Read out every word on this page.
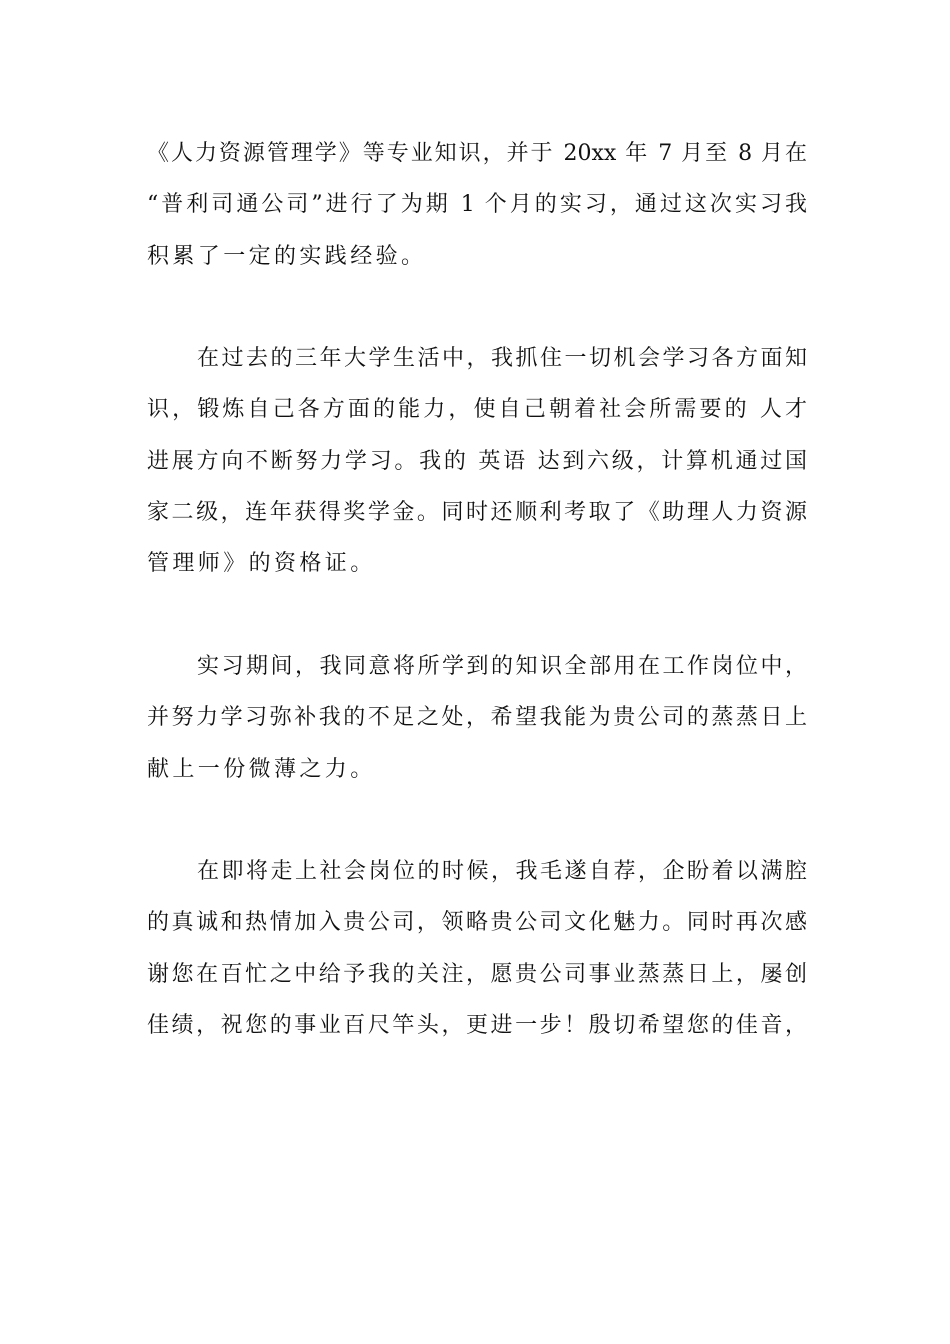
《人力资源管理学》等专业知识，并于 20xx 年 7 月至 8 月在
“普利司通公司”进行了为期 1 个月的实习，通过这次实习我
积累了一定的实践经验。
在过去的三年大学生活中，我抓住一切机会学习各方面知
识，锻炼自己各方面的能力，使自己朝着社会所需要的 人才
进展方向不断努力学习。我的 英语 达到六级，计算机通过国
家二级，连年获得奖学金。同时还顺利考取了《助理人力资源
管理师》的资格证。
实习期间，我同意将所学到的知识全部用在工作岗位中，
并努力学习弥补我的不足之处，希望我能为贵公司的蒸蒸日上
献上一份微薄之力。
在即将走上社会岗位的时候，我毛遂自荐，企盼着以满腔
的真诚和热情加入贵公司，领略贵公司文化魅力。同时再次感
谢您在百忙之中给予我的关注，愿贵公司事业蒸蒸日上，屡创
佳绩，祝您的事业百尺竿头，更进一步！殷切希望您的佳音，
